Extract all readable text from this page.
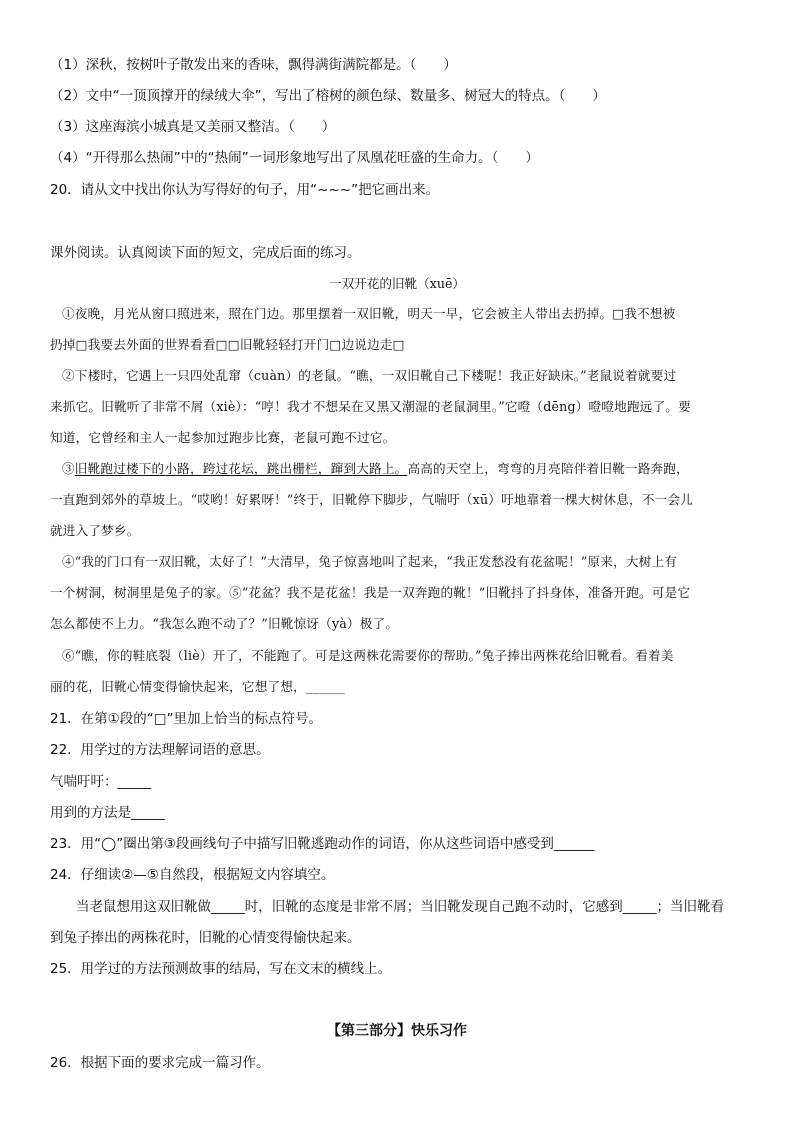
（1）深秋，按树叶子散发出来的香味，飘得满街满院都是。（　　）
（2）文中“一顶顶撑开的绿绒大伞”，写出了榕树的颜色绿、数量多、树冠大的特点。（　　）
（3）这座海滨小城真是又美丽又整洁。（　　）
（4）“开得那么热闹”中的“热闹”一词形象地写出了凤凰花旺盛的生命力。（　　）
20．请从文中找出你认为写得好的句子，用“~~~”把它画出来。
课外阅读。认真阅读下面的短文，完成后面的练习。
一双开花的旧靴（xuē）
①夜晚，月光从窗口照进来，照在门边。那里摆着一双旧靴，明天一早，它会被主人带出去扔掉。□我不想被
扔掉□我要去外面的世界看看□□旧靴轻轻打开门□边说边走□
②下楼时，它遇上一只四处乱窜（cuàn）的老鼠。“瞧，一双旧靴自己下楼呢！我正好缺床。”老鼠说着就要过
来抓它。旧靴听了非常不屑（xiè）：“哼！我才不想呆在又黑又潮湿的老鼠洞里。”它噔（dēng）噔噔地跑远了。要
知道，它曾经和主人一起参加过跑步比赛，老鼠可跑不过它。
③旧靴跑过楼下的小路，跨过花坛，跳出栅栏，蹿到大路上。高高的天空上，弯弯的月亮陪伴着旧靴一路奔跑，
一直跑到郊外的草坡上。“哎哟！好累呀！”终于，旧靴停下脚步，气喘吁（xū）吁地靠着一棵大树休息，不一会儿
就进入了梦乡。
④“我的门口有一双旧靴，太好了！”大清早，兔子惊喜地叫了起来，“我正发愁没有花盆呢！”原来，大树上有
一个树洞，树洞里是兔子的家。⑤“花盆？我不是花盆！我是一双奔跑的靴！”旧靴抖了抖身体，准备开跑。可是它
怎么都使不上力。“我怎么跑不动了？”旧靴惊讶（yà）极了。
⑥“瞧，你的鞋底裂（liè）开了，不能跑了。可是这两株花需要你的帮助。”兔子捧出两株花给旧靴看。看着美
丽的花，旧靴心情变得愉快起来，它想了想，______
21．在第①段的“□”里加上恰当的标点符号。
22．用学过的方法理解词语的意思。
气喘吁吁：_____
用到的方法是_____
23．用“◯”圈出第③段画线句子中描写旧靴逃跑动作的词语，你从这些词语中感受到______
24．仔细读②—⑤自然段，根据短文内容填空。
当老鼠想用这双旧靴做_____时，旧靴的态度是非常不屑；当旧靴发现自己跑不动时，它感到_____；当旧靴看
到兔子捧出的两株花时，旧靴的心情变得愉快起来。
25．用学过的方法预测故事的结局，写在文末的横线上。
【第三部分】快乐习作
26．根据下面的要求完成一篇习作。
